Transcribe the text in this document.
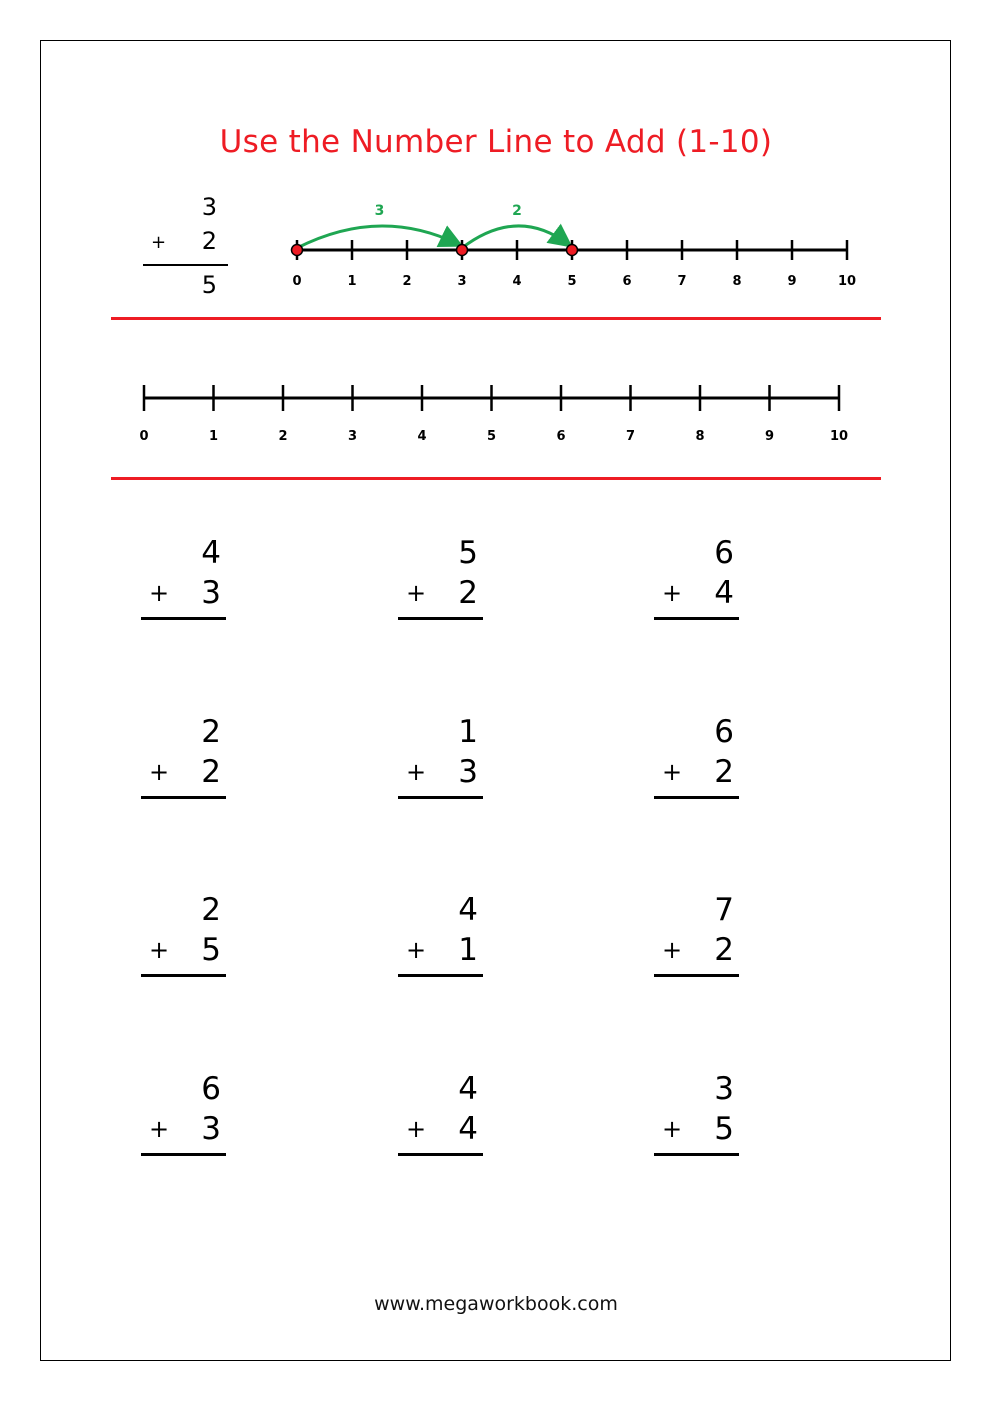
Use the Number Line to Add (1-10)
3
+ 2
5	0	1	2	3	4	5	6	7	8	9	10
3	2
0	1	2	3	4	5	6	7	8	9	10
4
+ 3
5
+ 2
6
+ 4
2
+ 2
1
+ 3
6
+ 2
2
+ 5
4
+ 1
7
+ 2
6
+ 3
4
+ 4
3
+ 5
www.megaworkbook.com
